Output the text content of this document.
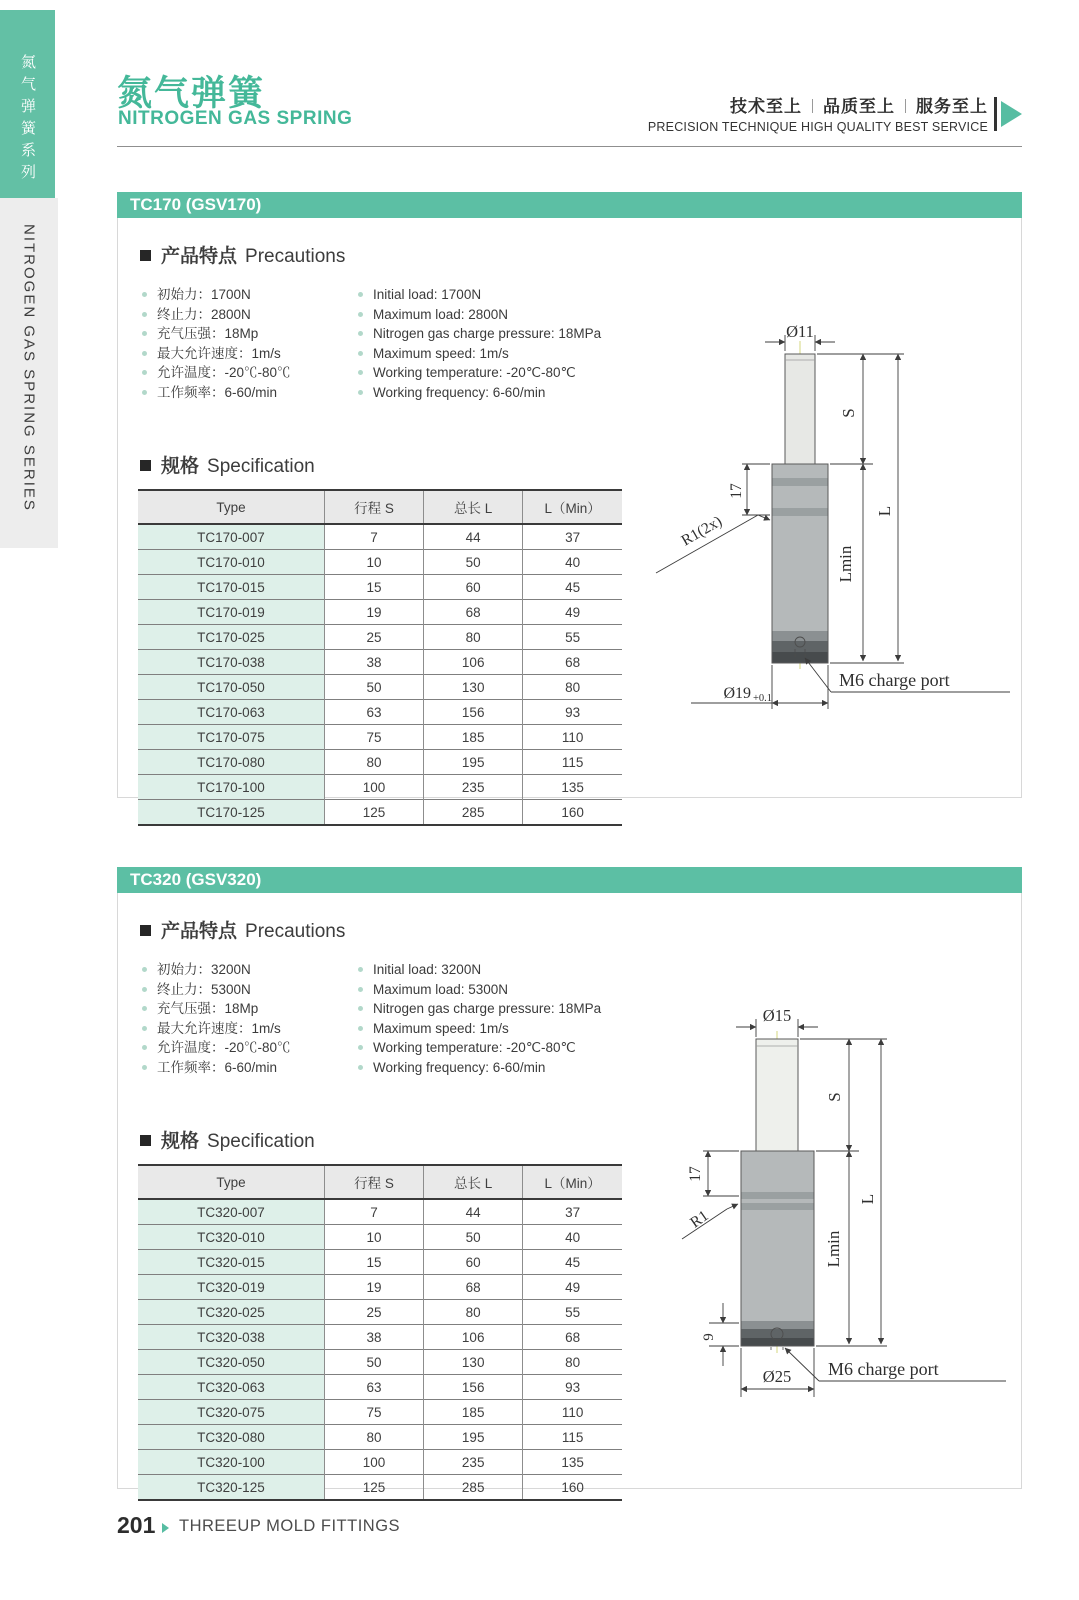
氮气弹簧系列
NITROGEN GAS SPRING SERIES
氮气弹簧
NITROGEN GAS SPRING
技术至上 品质至上 服务至上
PRECISION TECHNIQUE HIGH QUALITY BEST SERVICE
TC170 (GSV170)
产品特点 Precautions
初始力：1700N	Initial load: 1700N
终止力：2800N	Maximum load: 2800N
充气压强：18Mp	Nitrogen gas charge pressure: 18MPa
最大允许速度：1m/s	Maximum speed: 1m/s
允许温度：-20℃-80℃	Working temperature: -20℃-80℃
工作频率：6-60/min	Working frequency: 6-60/min
规格 Specification
Type	行程 S	总长 L	L（Min）
TC170-007	7	44	37
TC170-010	10	50	40
TC170-015	15	60	45
TC170-019	19	68	49
TC170-025	25	80	55
TC170-038	38	106	68
TC170-050	50	130	80
TC170-063	63	156	93
TC170-075	75	185	110
TC170-080	80	195	115
TC170-100	100	235	135
TC170-125	125	285	160
Ø11
S
Lmin
L
17
R1(2x)
M6 charge port
Ø19 +0.1
TC320 (GSV320)
产品特点 Precautions
初始力：3200N	Initial load: 3200N
终止力：5300N	Maximum load: 5300N
充气压强：18Mp	Nitrogen gas charge pressure: 18MPa
最大允许速度：1m/s	Maximum speed: 1m/s
允许温度：-20℃-80℃	Working temperature: -20℃-80℃
工作频率：6-60/min	Working frequency: 6-60/min
规格 Specification
Type	行程 S	总长 L	L（Min）
TC320-007	7	44	37
TC320-010	10	50	40
TC320-015	15	60	45
TC320-019	19	68	49
TC320-025	25	80	55
TC320-038	38	106	68
TC320-050	50	130	80
TC320-063	63	156	93
TC320-075	75	185	110
TC320-080	80	195	115
TC320-100	100	235	135
TC320-125	125	285	160
Ø15
S
Lmin
L
17
R1
9
M6 charge port
Ø25
201 THREEUP MOLD FITTINGS
